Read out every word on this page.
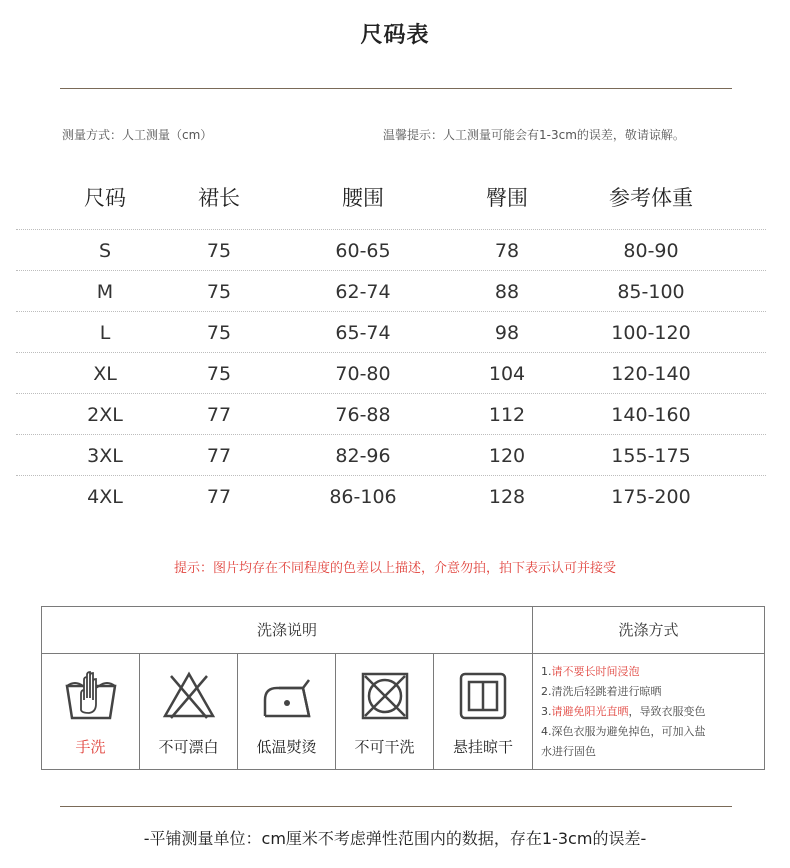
尺码表
测量方式：人工测量（cm）	温馨提示：人工测量可能会有1-3cm的误差，敬请谅解。
尺码	裙长	腰围	臀围	参考体重
S	75	60-65	78	80-90
M	75	62-74	88	85-100
L	75	65-74	98	100-120
XL	75	70-80	104	120-140
2XL	77	76-88	112	140-160
3XL	77	82-96	120	155-175
4XL	77	86-106	128	175-200
提示：图片均存在不同程度的色差以上描述，介意勿拍，拍下表示认可并接受
洗涤说明
手洗	不可漂白	低温熨烫	不可干洗	悬挂晾干
洗涤方式
1.请不要长时间浸泡
2.清洗后轻跳着进行晾晒
3.请避免阳光直晒，导致衣服变色
4.深色衣服为避免掉色，可加入盐
水进行固色
-平铺测量单位：cm厘米不考虑弹性范围内的数据，存在1-3cm的误差-
